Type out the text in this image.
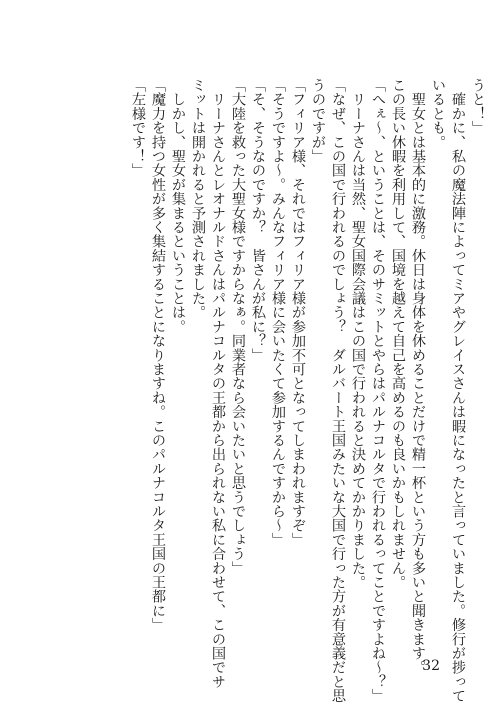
うと！」
　確かに、私の魔法陣によってミアやグレイスさんは暇になったと言っていました。修行が捗って
いるとも。
　聖女とは基本的に激務。休日は身体を休めることだけで精一杯という方も多いと聞きます。
この長い休暇を利用して、国境を越えて自己を高めるのも良いかもしれません。
「へぇ～、ということは、そのサミットとやらはパルナコルタで行われるってことですよね～？」
　リーナさんは当然、聖女国際会議はこの国で行われると決めてかかりました。
「なぜ、この国で行われるのでしょう？　ダルバート王国みたいな大国で行った方が有意義だと思
うのですが」
「フィリア様、それではフィリア様が参加不可となってしまわれますぞ」
「そうですよ～。みんなフィリア様に会いたくて参加するんですから～」
「そ、そうなのですか？　皆さんが私に？」
「大陸を救った大聖女様ですからなぁ。同業者なら会いたいと思うでしょう」
　リーナさんとレオナルドさんはパルナコルタの王都から出られない私に合わせて、この国でサ
ミットは開かれると予測されました。
　しかし、聖女が集まるということは。
「魔力を持つ女性が多く集結することになりますね。このパルナコルタ王国の王都に」
「左様です！」
32
